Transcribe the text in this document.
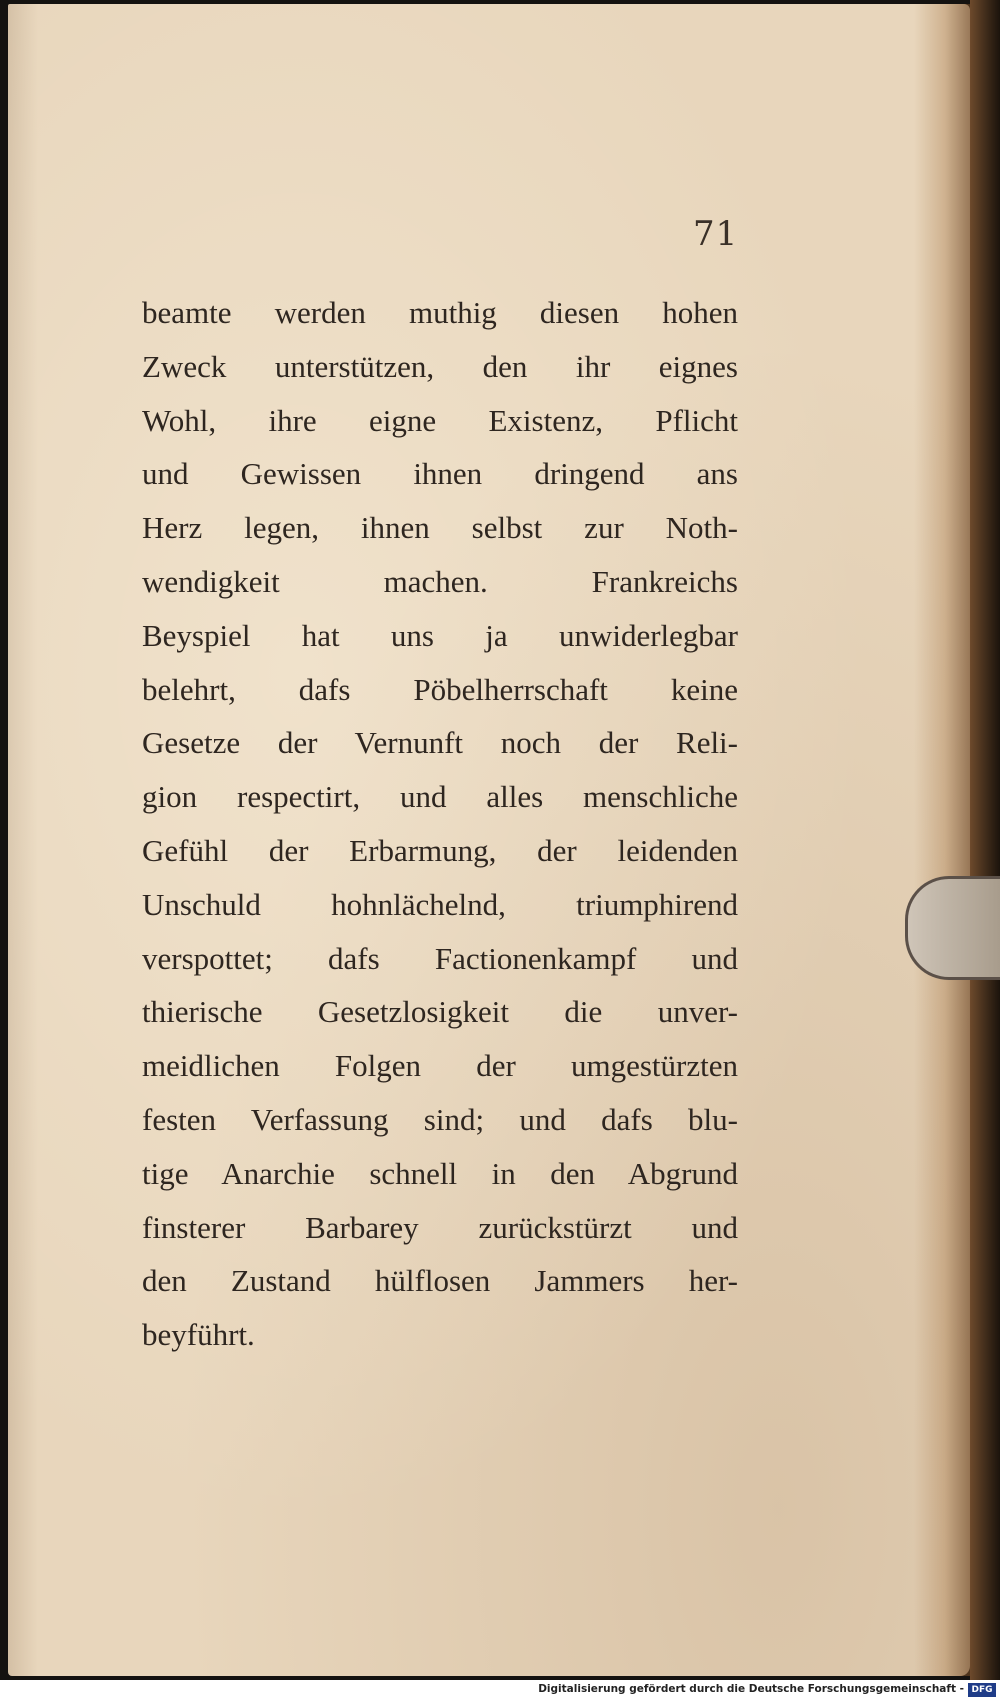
71
beamte werden muthig diesen hohen
Zweck unterstützen, den ihr eignes
Wohl, ihre eigne Existenz, Pflicht
und Gewissen ihnen dringend ans
Herz legen, ihnen selbst zur Noth-
wendigkeit machen. Frankreichs
Beyspiel hat uns ja unwiderlegbar
belehrt, dafs Pöbelherrschaft keine
Gesetze der Vernunft noch der Reli-
gion respectirt, und alles menschliche
Gefühl der Erbarmung, der leidenden
Unschuld hohnlächelnd, triumphirend
verspottet; dafs Factionenkampf und
thierische Gesetzlosigkeit die unver-
meidlichen Folgen der umgestürzten
festen Verfassung sind; und dafs blu-
tige Anarchie schnell in den Abgrund
finsterer Barbarey zurückstürzt und
den Zustand hülflosen Jammers her-
beyführt.
Digitalisierung gefördert durch die Deutsche Forschungsgemeinschaft - DFG
